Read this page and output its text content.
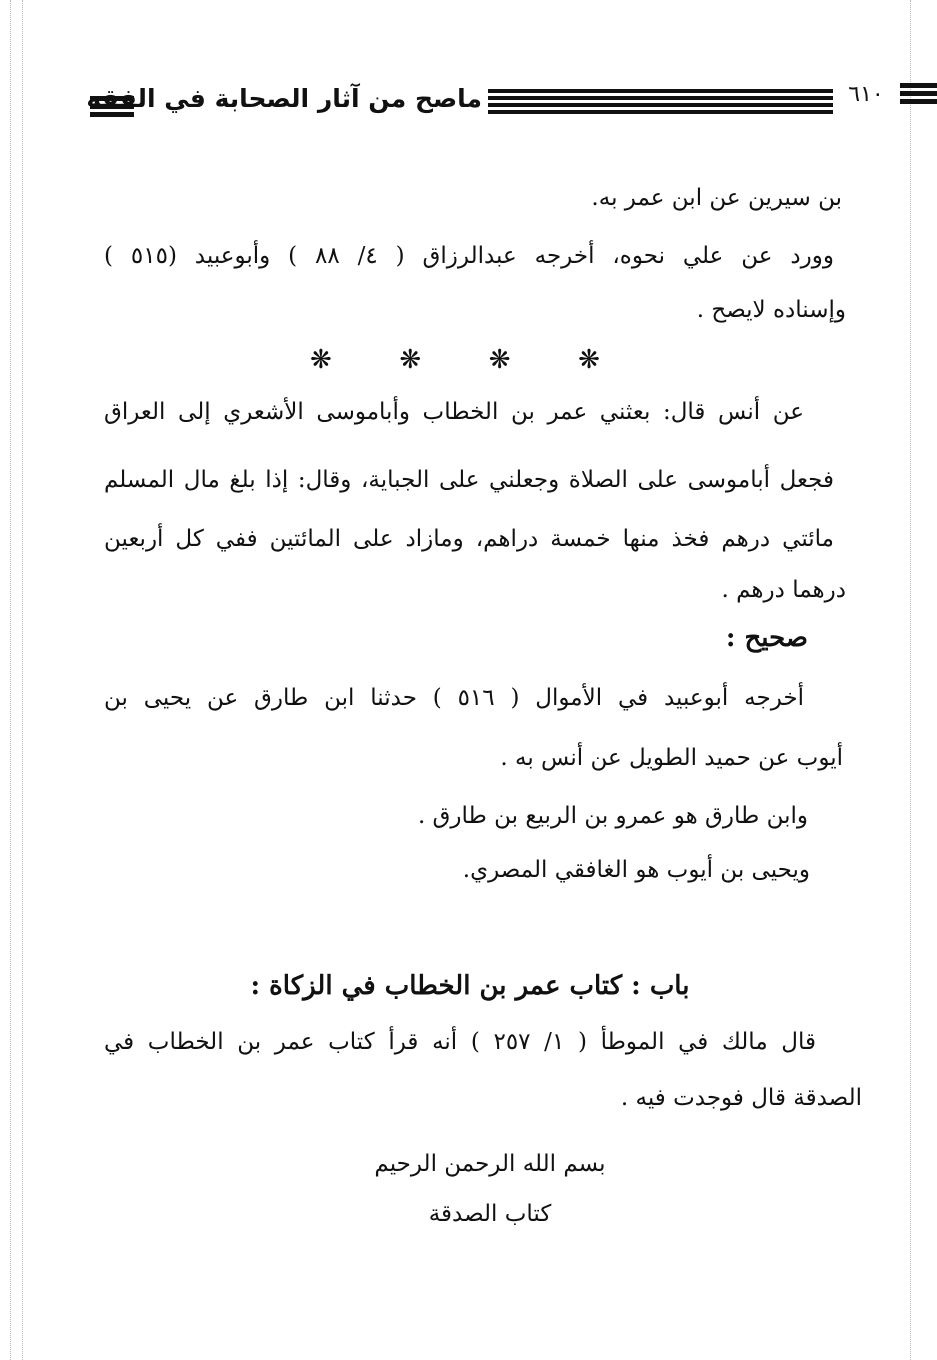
ماصح من آثار الصحابة في الفقه	٦١٠
بن سيرين عن ابن عمر به.
وورد عن علي نحوه، أخرجه عبدالرزاق ( ٤/ ٨٨ ) وأبوعبيد (٥١٥ )
وإسناده لايصح .
❋	❋	❋	❋
عن أنس قال: بعثني عمر بن الخطاب وأباموسى الأشعري إلى العراق
فجعل أباموسى على الصلاة وجعلني على الجباية، وقال: إذا بلغ مال المسلم
مائتي درهم فخذ منها خمسة دراهم، ومازاد على المائتين ففي كل أربعين
درهما درهم .
صحيح :
أخرجه أبوعبيد في الأموال ( ٥١٦ ) حدثنا ابن طارق عن يحيى بن
أيوب عن حميد الطويل عن أنس به .
وابن طارق هو عمرو بن الربيع بن طارق .
ويحيى بن أيوب هو الغافقي المصري.
باب : كتاب عمر بن الخطاب في الزكاة :
قال مالك في الموطأ ( ١/ ٢٥٧ ) أنه قرأ كتاب عمر بن الخطاب في
الصدقة قال فوجدت فيه .
بسم الله الرحمن الرحيم
كتاب الصدقة
